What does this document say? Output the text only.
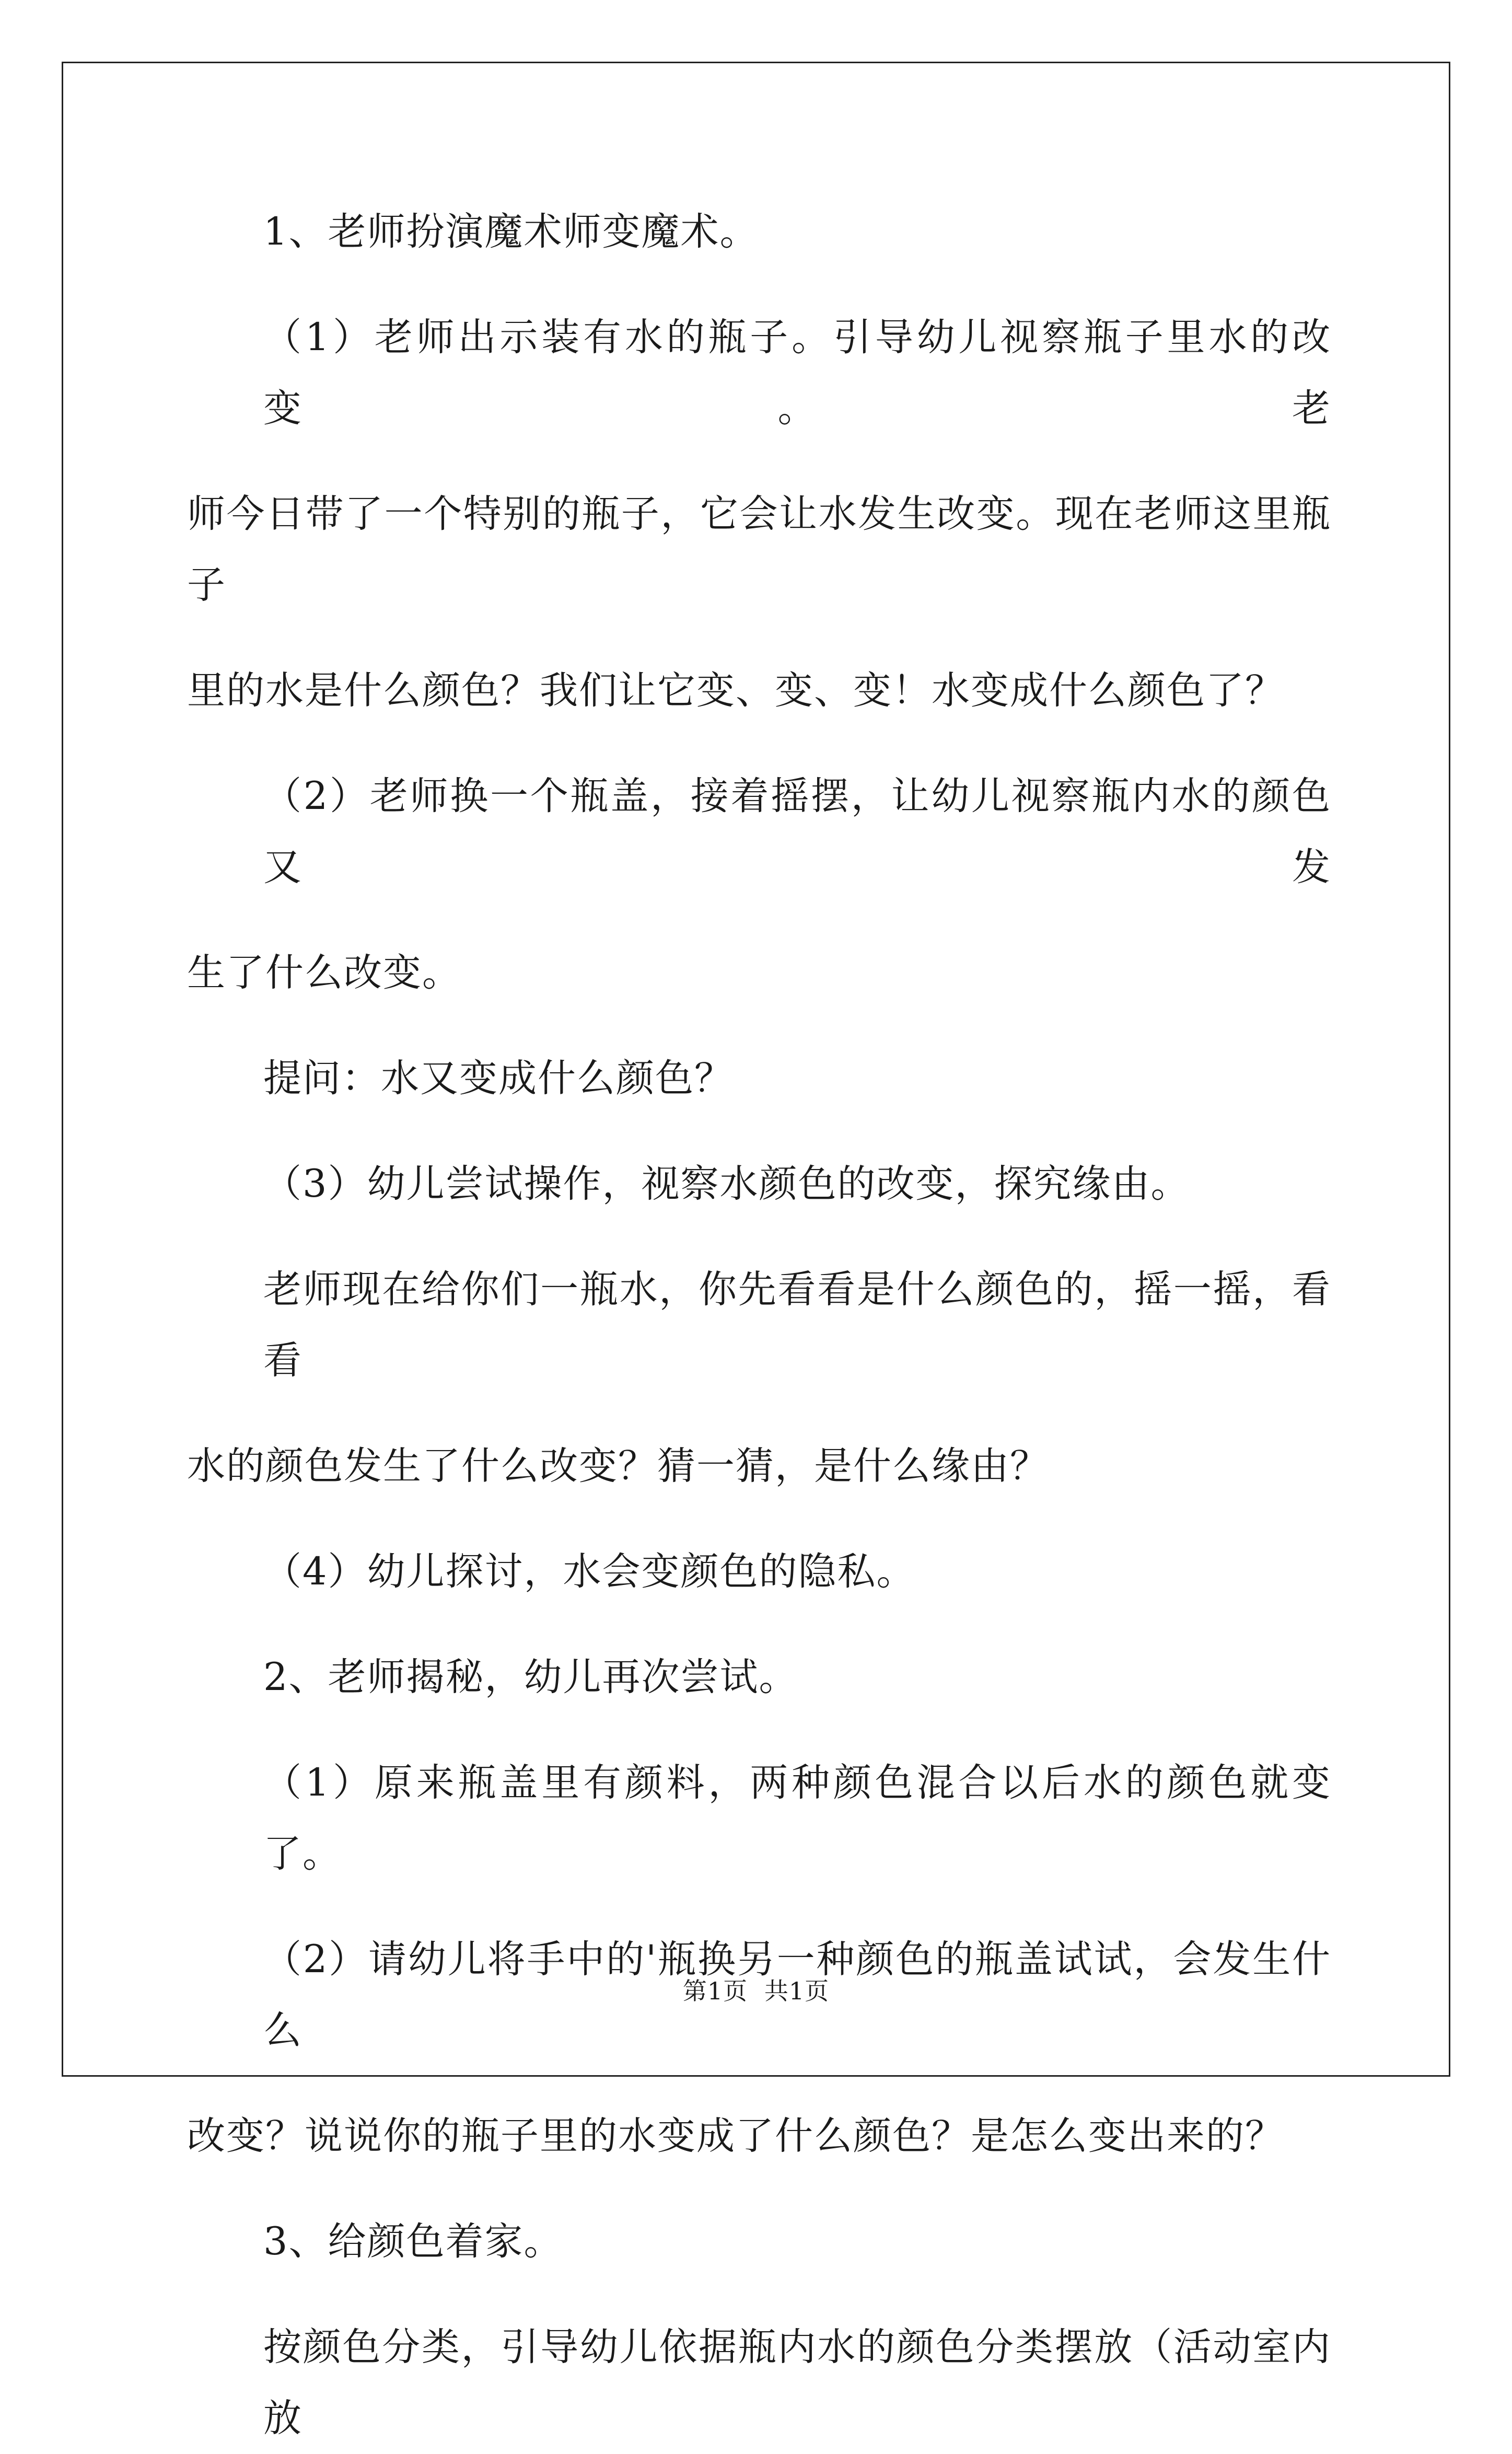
1、老师扮演魔术师变魔术。
（1）老师出示装有水的瓶子。引导幼儿视察瓶子里水的改变。老
师今日带了一个特别的瓶子，它会让水发生改变。现在老师这里瓶子
里的水是什么颜色？我们让它变、变、变！水变成什么颜色了？
（2）老师换一个瓶盖，接着摇摆，让幼儿视察瓶内水的颜色又发
生了什么改变。
提问：水又变成什么颜色？
（3）幼儿尝试操作，视察水颜色的改变，探究缘由。
老师现在给你们一瓶水，你先看看是什么颜色的，摇一摇，看看
水的颜色发生了什么改变？猜一猜，是什么缘由？
（4）幼儿探讨，水会变颜色的隐私。
2、老师揭秘，幼儿再次尝试。
（1）原来瓶盖里有颜料，两种颜色混合以后水的颜色就变了。
（2）请幼儿将手中的'瓶换另一种颜色的瓶盖试试，会发生什么
改变？说说你的瓶子里的水变成了什么颜色？是怎么变出来的？
3、给颜色着家。
按颜色分类，引导幼儿依据瓶内水的颜色分类摆放（活动室内放
第1页 共1页
